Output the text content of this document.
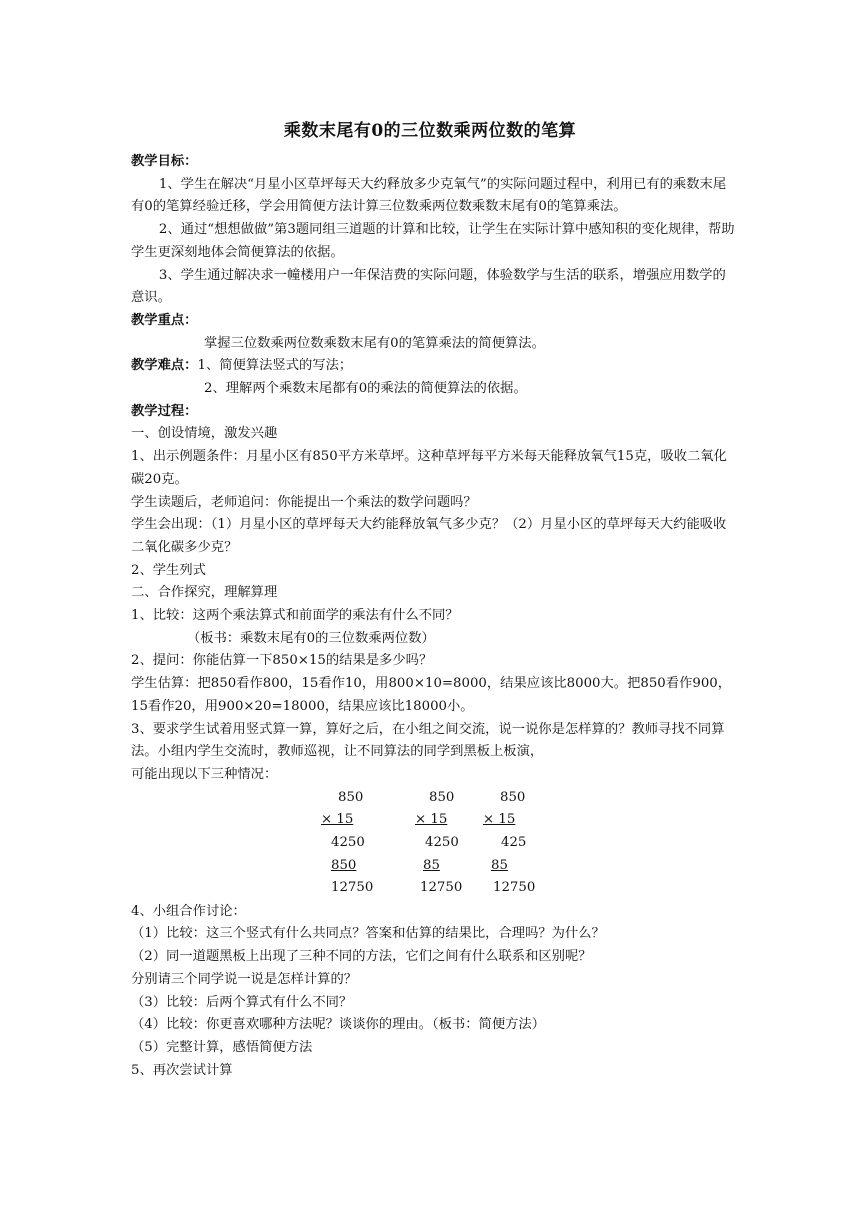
乘数末尾有0的三位数乘两位数的笔算

教学目标：

1、学生在解决“月星小区草坪每天大约释放多少克氧气”的实际问题过程中，利用已有的乘数末尾有0的笔算经验迁移，学会用简便方法计算三位数乘两位数乘数末尾有0的笔算乘法。

2、通过“想想做做”第3题同组三道题的计算和比较，让学生在实际计算中感知积的变化规律，帮助学生更深刻地体会简便算法的依据。

3、学生通过解决求一幢楼用户一年保洁费的实际问题，体验数学与生活的联系，增强应用数学的意识。

教学重点：

掌握三位数乘两位数乘数末尾有0的笔算乘法的简便算法。

教学难点： 1、简便算法竖式的写法；

2、理解两个乘数末尾都有0的乘法的简便算法的依据。

教学过程：

一、创设情境，激发兴趣

1、出示例题条件：月星小区有850平方米草坪。这种草坪每平方米每天能释放氧气15克，吸收二氧化碳20克。

学生读题后，老师追问：你能提出一个乘法的数学问题吗？

学生会出现：（1）月星小区的草坪每天大约能释放氧气多少克？（2）月星小区的草坪每天大约能吸收二氧化碳多少克？

2、学生列式

二、合作探究，理解算理

1、比较：这两个乘法算式和前面学的乘法有什么不同？

（板书：乘数末尾有0的三位数乘两位数）

2、提问：你能估算一下850×15的结果是多少吗？

学生估算：把850看作800，15看作10，用800×10=8000，结果应该比8000大。把850看作900，15看作20，用900×20=18000，结果应该比18000小。

3、要求学生试着用竖式算一算，算好之后，在小组之间交流，说一说你是怎样算的？教师寻找不同算法。小组内学生交流时，教师巡视，让不同算法的同学到黑板上板演，

可能出现以下三种情况：

850
× 15
4250
850
12750
850
× 15
4250
85
12750
850
× 15
425
85
12750

4、小组合作讨论：

（1）比较：这三个竖式有什么共同点？答案和估算的结果比，合理吗？为什么？

（2）同一道题黑板上出现了三种不同的方法，它们之间有什么联系和区别呢？

分别请三个同学说一说是怎样计算的？

（3）比较：后两个算式有什么不同？

（4）比较：你更喜欢哪种方法呢？谈谈你的理由。（板书：简便方法）

（5）完整计算，感悟简便方法

5、再次尝试计算
